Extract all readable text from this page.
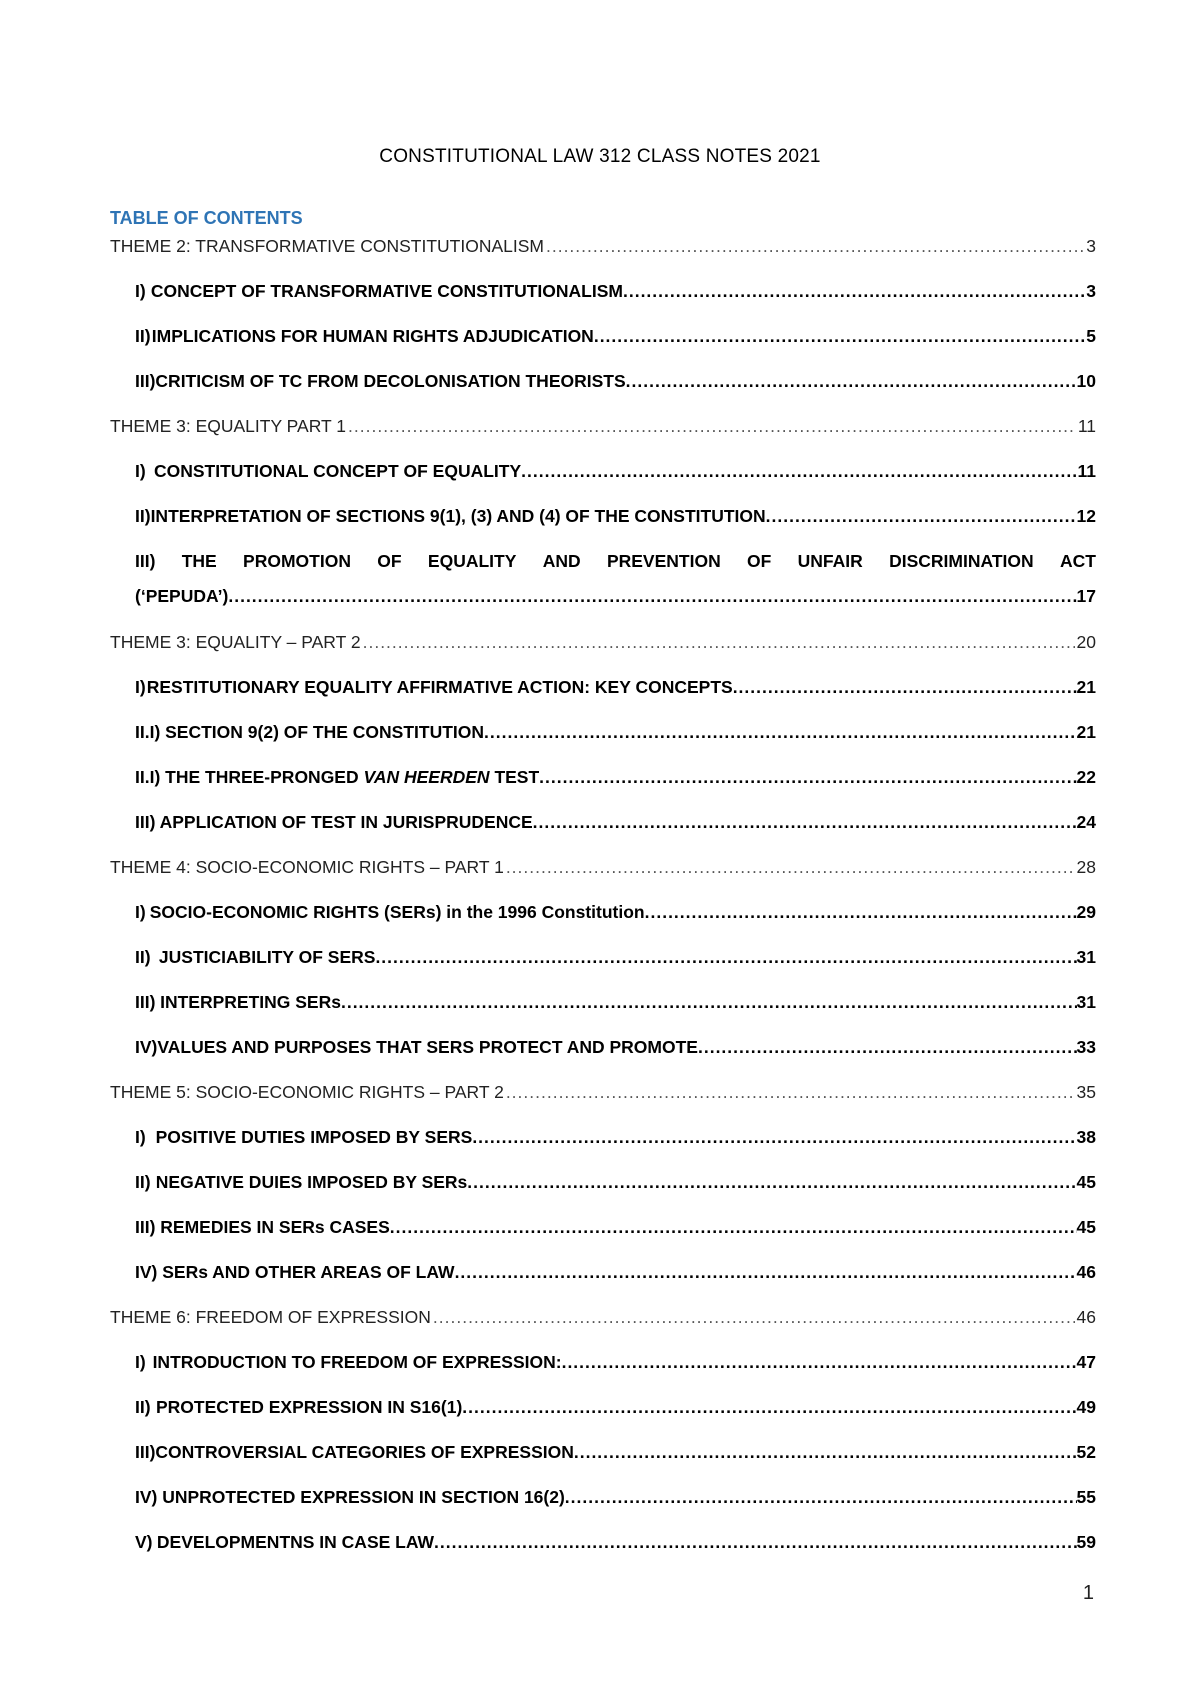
CONSTITUTIONAL LAW 312 CLASS NOTES 2021
TABLE OF CONTENTS
THEME 2: TRANSFORMATIVE CONSTITUTIONALISM .....	3
I) CONCEPT OF TRANSFORMATIVE CONSTITUTIONALISM .....	3
II) IMPLICATIONS FOR HUMAN RIGHTS ADJUDICATION .....	5
III) CRITICISM OF TC FROM DECOLONISATION THEORISTS .....	10
THEME 3: EQUALITY PART 1 .....	11
I) CONSTITUTIONAL CONCEPT OF EQUALITY .....	11
II) INTERPRETATION OF SECTIONS 9(1), (3) AND (4) OF THE CONSTITUTION .....	12
III) THE PROMOTION OF EQUALITY AND PREVENTION OF UNFAIR DISCRIMINATION ACT
(‘PEPUDA’) .....	17
THEME 3: EQUALITY – PART 2 .....	20
I) RESTITUTIONARY EQUALITY AFFIRMATIVE ACTION: KEY CONCEPTS .....	21
II.I) SECTION 9(2) OF THE CONSTITUTION .....	21
II.I) THE THREE-PRONGED VAN HEERDEN TEST .....	22
III) APPLICATION OF TEST IN JURISPRUDENCE .....	24
THEME 4: SOCIO-ECONOMIC RIGHTS – PART 1 .....	28
I) SOCIO-ECONOMIC RIGHTS (SERs) in the 1996 Constitution .....	29
II) JUSTICIABILITY OF SERS .....	31
III) INTERPRETING SERs .....	31
IV) VALUES AND PURPOSES THAT SERS PROTECT AND PROMOTE .....	33
THEME 5: SOCIO-ECONOMIC RIGHTS – PART 2 .....	35
I) POSITIVE DUTIES IMPOSED BY SERS .....	38
II) NEGATIVE DUIES IMPOSED BY SERs .....	45
III) REMEDIES IN SERs CASES .....	45
IV) SERs AND OTHER AREAS OF LAW .....	46
THEME 6: FREEDOM OF EXPRESSION .....	46
I) INTRODUCTION TO FREEDOM OF EXPRESSION: .....	47
II) PROTECTED EXPRESSION IN S16(1) .....	49
III) CONTROVERSIAL CATEGORIES OF EXPRESSION .....	52
IV) UNPROTECTED EXPRESSION IN SECTION 16(2) .....	55
V) DEVELOPMENTNS IN CASE LAW .....	59
1
